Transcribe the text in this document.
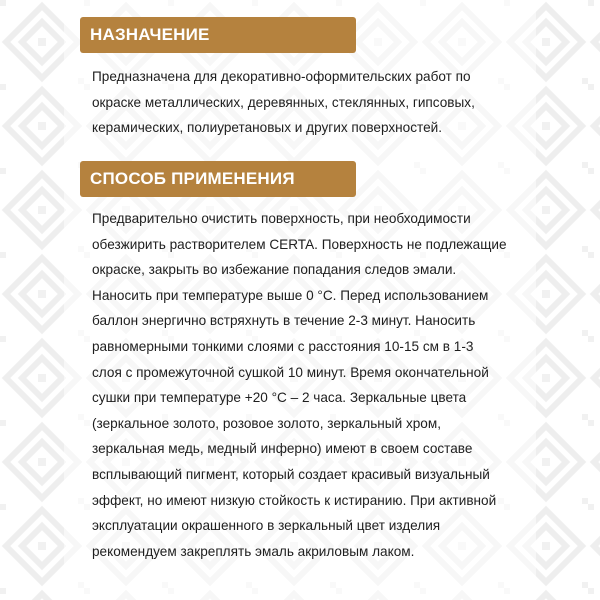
НАЗНАЧЕНИЕ

Предназначена для декоративно-оформительских работ по

окраске металлических, деревянных, стеклянных, гипсовых,

керамических, полиуретановых и других поверхностей.

СПОСОБ ПРИМЕНЕНИЯ

Предварительно очистить поверхность, при необходимости

обезжирить растворителем CERTA. Поверхность не подлежащие

окраске, закрыть во избежание попадания следов эмали.

Наносить при температуре выше 0 °С. Перед использованием

баллон энергично встряхнуть в течение 2-3 минут. Наносить

равномерными тонкими слоями с расстояния 10-15 см в 1-3

слоя с промежуточной сушкой 10 минут. Время окончательной

сушки при температуре +20 °С – 2 часа. Зеркальные цвета

(зеркальное золото, розовое золото, зеркальный хром,

зеркальная медь, медный инферно) имеют в своем составе

всплывающий пигмент, который создает красивый визуальный

эффект, но имеют низкую стойкость к истиранию. При активной

эксплуатации окрашенного в зеркальный цвет изделия

рекомендуем закреплять эмаль акриловым лаком.
